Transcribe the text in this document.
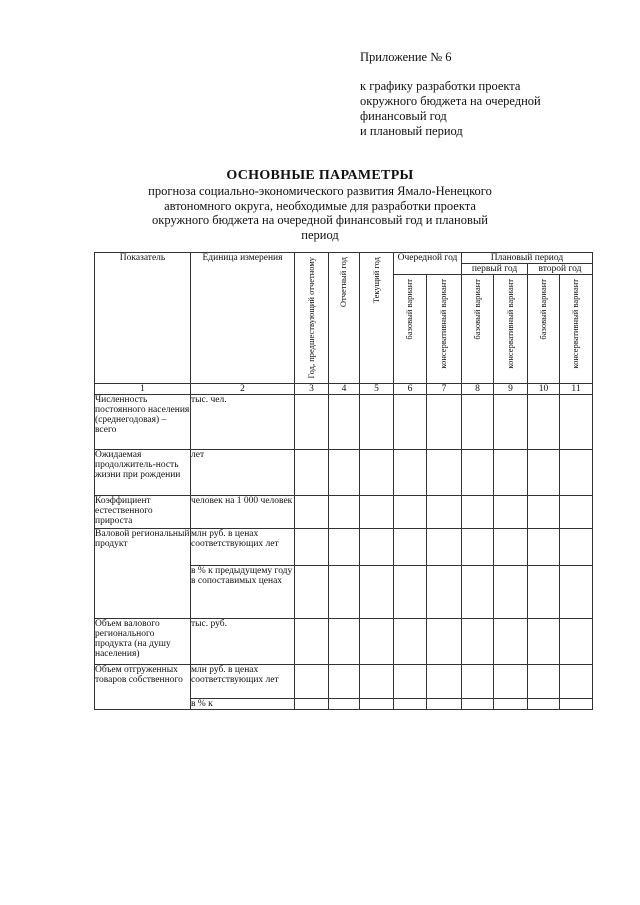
Приложение № 6
к графику разработки проекта
окружного бюджета на очередной
финансовый год
и плановый период
ОСНОВНЫЕ ПАРАМЕТРЫ
прогноза социально-экономического развития Ямало-Ненецкого
автономного округа, необходимые для разработки проекта
окружного бюджета на очередной финансовый год и плановый
период
Показатель	Единица измерения	Год, предшествующий отчетному	Отчетный год	Текущий год	Очередной год		Плановый период			
							первый год		второй год	
					базовый вариант	консервативный вариант	базовый вариант	консервативный вариант	базовый вариант	консервативный вариант
1	2	3	4	5	6	7	8	9	10	11
Численность постоянного населения (среднегодовая) – всего	тыс. чел.									
Ожидаемая продолжитель-ность жизни при рождении	лет									
Коэффициент естественного прироста	человек на 1 000 человек									
Валовой региональный продукт	млн руб. в ценах соответствующих лет									
	в % к предыдущему году в сопоставимых ценах									
Объем валового регионального продукта (на душу населения)	тыс. руб.									
Объем отгруженных товаров собственного	млн руб. в ценах соответствующих лет									
	в % к									
